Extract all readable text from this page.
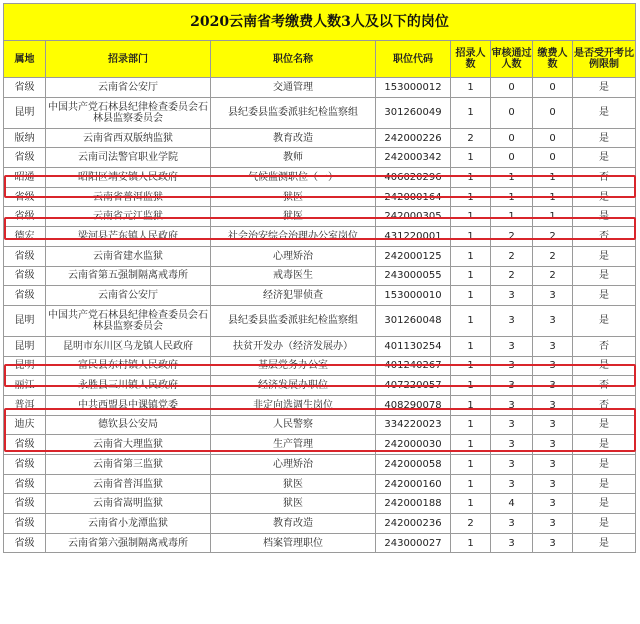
2020云南省考缴费人数3人及以下的岗位
属地	招录部门	职位名称	职位代码	招录人数	审核通过人数	缴费人数	是否受开考比例限制
省级	云南省公安厅	交通管理	153000012	1	0	0	是
昆明	中国共产党石林县纪律检查委员会石林县监察委员会	县纪委县监委派驻纪检监察组	301260049	1	0	0	是
版纳	云南省西双版纳监狱	教育改造	242000226	2	0	0	是
省级	云南司法警官职业学院	教师	242000342	1	0	0	是
昭通	昭阳区靖安镇人民政府	气候监测职位（一）	406020296	1	1	1	否
省级	云南省普洱监狱	狱医	242000164	1	1	1	是
省级	云南省元江监狱	狱医	242000305	1	1	1	是
德宏	梁河县芒东镇人民政府	社会治安综合治理办公室岗位	431220001	1	2	2	否
省级	云南省建水监狱	心理矫治	242000125	1	2	2	是
省级	云南省第五强制隔离戒毒所	戒毒医生	243000055	1	2	2	是
省级	云南省公安厅	经济犯罪侦查	153000010	1	3	3	是
昆明	中国共产党石林县纪律检查委员会石林县监察委员会	县纪委县监委派驻纪检监察组	301260048	1	3	3	是
昆明	昆明市东川区乌龙镇人民政府	扶贫开发办（经济发展办）	401130254	1	3	3	否
昆明	富民县东村镇人民政府	基层党务办公室	401240267	1	3	3	是
丽江	永胜县三川镇人民政府	经济发展办职位	407220057	1	3	3	否
普洱	中共西盟县中课镇党委	非定向选调生岗位	408290078	1	3	3	否
迪庆	德钦县公安局	人民警察	334220023	1	3	3	是
省级	云南省大理监狱	生产管理	242000030	1	3	3	是
省级	云南省第三监狱	心理矫治	242000058	1	3	3	是
省级	云南省普洱监狱	狱医	242000160	1	3	3	是
省级	云南省嵩明监狱	狱医	242000188	1	4	3	是
省级	云南省小龙潭监狱	教育改造	242000236	2	3	3	是
省级	云南省第六强制隔离戒毒所	档案管理职位	243000027	1	3	3	是
